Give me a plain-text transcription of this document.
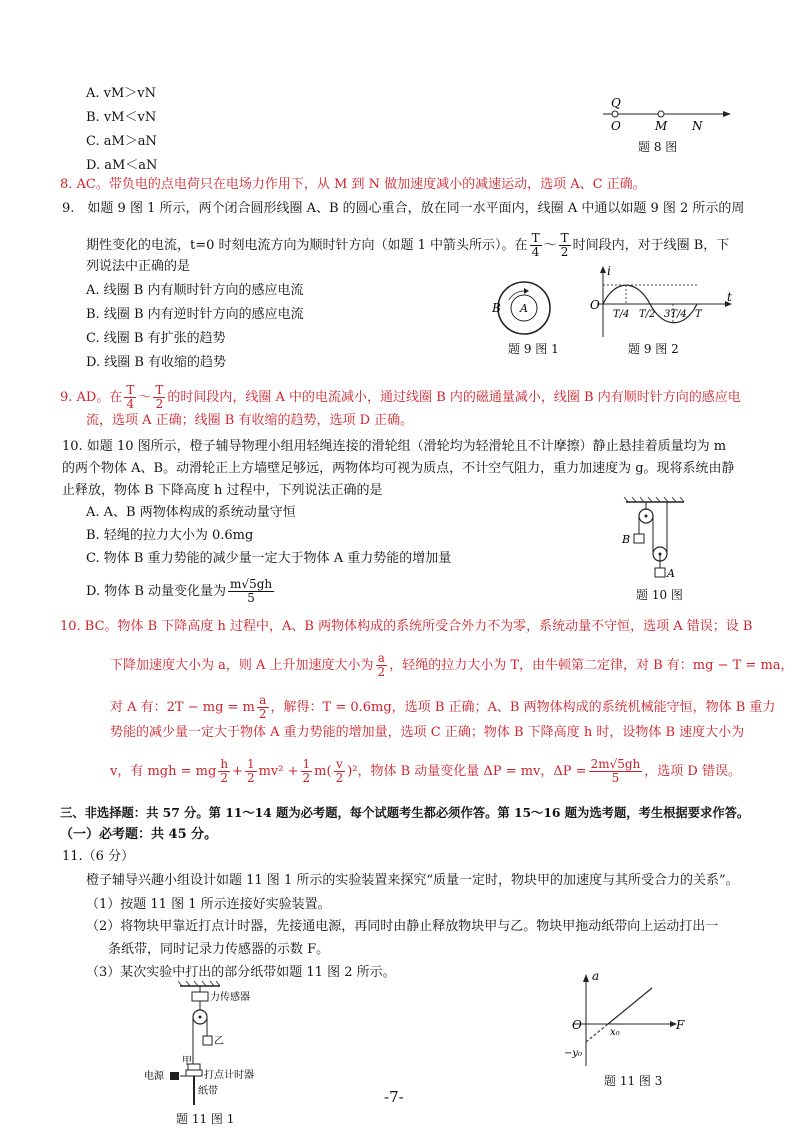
A. vM＞vN
B. vM＜vN
C. aM＞aN
D. aM＜aN
Q
O	M N
题 8 图
8. AC。带负电的点电荷只在电场力作用下，从 M 到 N 做加速度减小的减速运动，选项 A、C 正确。
9.　如题 9 图 1 所示，两个闭合圆形线圈 A、B 的圆心重合，放在同一水平面内，线圈 A 中通以如题 9 图 2 所示的周
期性变化的电流，t=0 时刻电流方向为顺时针方向（如题 1 中箭头所示）。在 $\frac{T}{4}$ ～ $\frac{T}{2}$ 时间段内，对于线圈 B，下
列说法中正确的是
A. 线圈 B 内有顺时针方向的感应电流
B. 线圈 B 内有逆时针方向的感应电流
C. 线圈 B 有扩张的趋势
D. 线圈 B 有收缩的趋势
B A
题 9 图 1
O
i
t
T/4 T/2 3T/4 T
题 9 图 2
9. AD。在 $\frac{T}{4}$ ～ $\frac{T}{2}$ 的时间段内，线圈 A 中的电流减小，通过线圈 B 内的磁通量减小，线圈 B 内有顺时针方向的感应电
流，选项 A 正确；线圈 B 有收缩的趋势，选项 D 正确。
10. 如题 10 图所示，橙子辅导物理小组用轻绳连接的滑轮组（滑轮均为轻滑轮且不计摩擦）静止悬挂着质量均为 m
的两个物体 A、B。动滑轮正上方墙壁足够远，两物体均可视为质点，不计空气阻力，重力加速度为 g。现将系统由静
止释放，物体 B 下降高度 h 过程中，下列说法正确的是
A. A、B 两物体构成的系统动量守恒
B. 轻绳的拉力大小为 0.6mg
C. 物体 B 重力势能的减少量一定大于物体 A 重力势能的增加量
D. 物体 B 动量变化量为 $\frac{m√5gh}{5}$
B
A
题 10 图
10. BC。物体 B 下降高度 h 过程中，A、B 两物体构成的系统所受合外力不为零，系统动量不守恒，选项 A 错误；设 B
下降加速度大小为 a，则 A 上升加速度大小为 $\frac{a}{2}$ ，轻绳的拉力大小为 T，由牛顿第二定律，对 B 有：mg − T = ma，
对 A 有：2T − mg = m $\frac{a}{2}$ ，解得：T = 0.6mg，选项 B 正确；A、B 两物体构成的系统机械能守恒，物体 B 重力
势能的减少量一定大于物体 A 重力势能的增加量，选项 C 正确；物体 B 下降高度 h 时，设物体 B 速度大小为
v，有 mgh = mg $\frac{h}{2} + \frac{1}{2} mv^2 + \frac{1}{2} m( \frac{v}{2} )^2$，物体 B 动量变化量 ΔP = mv，$\Delta P = \frac{2m√5gh}{5}$ ，选项 D 错误。
三、非选择题：共 57 分。第 11～14 题为必考题，每个试题考生都必须作答。第 15～16 题为选考题，考生根据要求作答。
（一）必考题：共 45 分。
11.（6 分）
橙子辅导兴趣小组设计如题 11 图 1 所示的实验装置来探究“质量一定时，物块甲的加速度与其所受合力的关系”。
（1）按题 11 图 1 所示连接好实验装置。
（2）将物块甲靠近打点计时器，先接通电源，再同时由静止释放物块甲与乙。物块甲拖动纸带向上运动打出一
条纸带，同时记录力传感器的示数 F。
（3）某次实验中打出的部分纸带如题 11 图 2 所示。
力传感器
乙
甲
电源	打点计时器
纸带
题 11 图 1
-7-
O
a
F
x₀
−y₀
题 11 图 3
